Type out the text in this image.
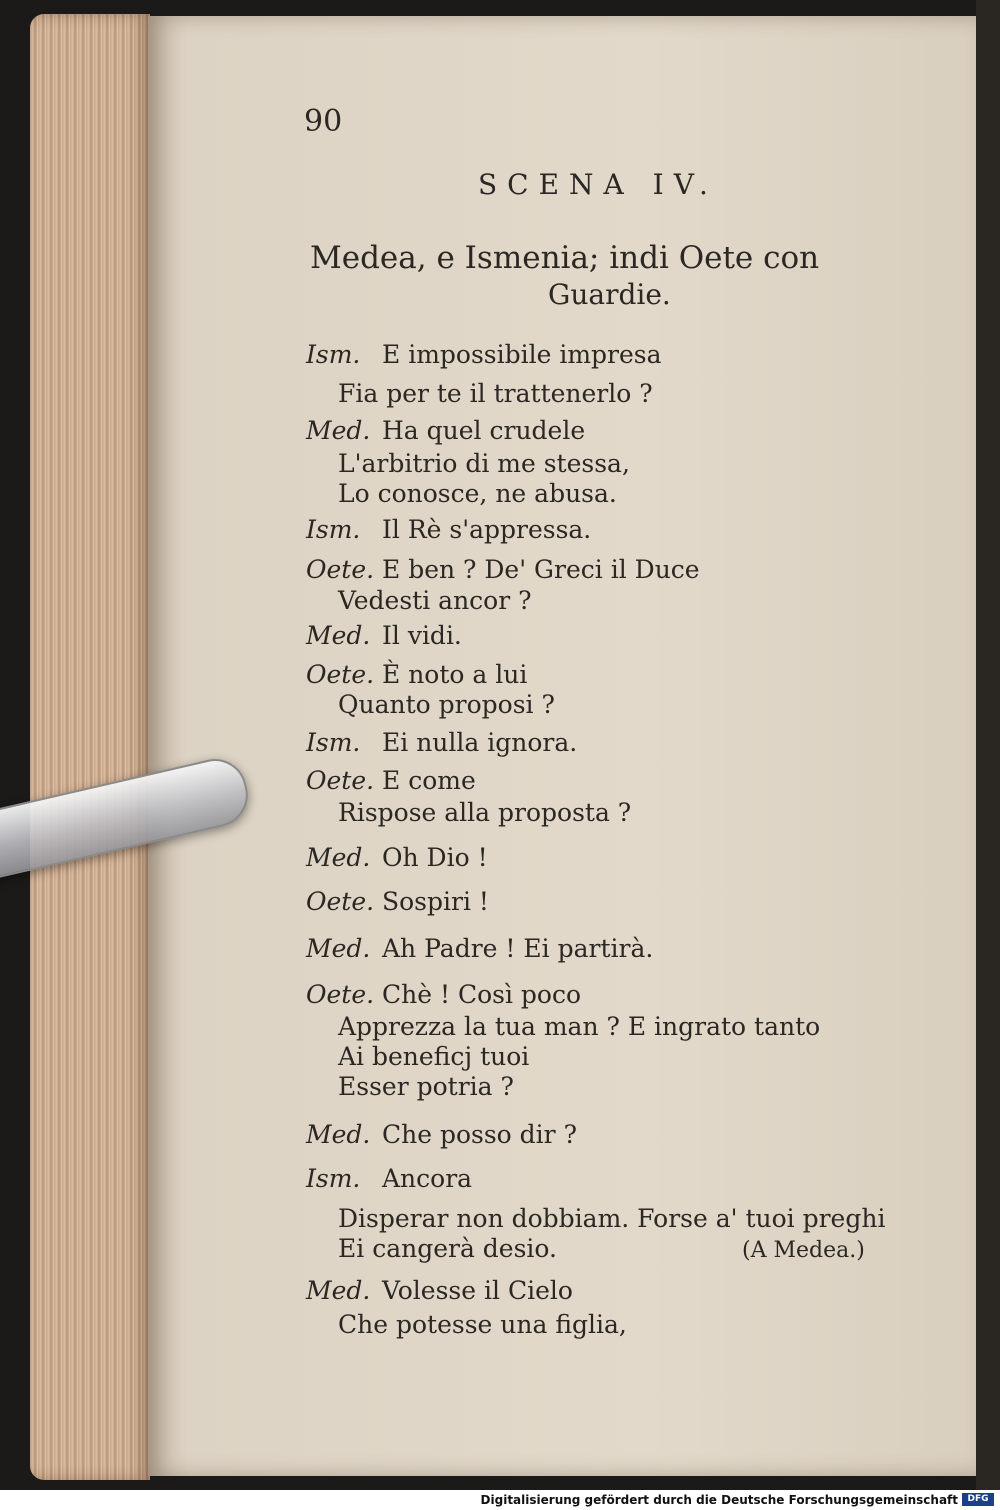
90
SCENA IV.
Medea, e Ismenia; indi Oete con
Guardie.
Ism. E impossibile impresa
Fia per te il trattenerlo ?
Med. Ha quel crudele
L'arbitrio di me stessa,
Lo conosce, ne abusa.
Ism. Il Rè s'appressa.
Oete. E ben ? De' Greci il Duce
Vedesti ancor ?
Med. Il vidi.
Oete. È noto a lui
Quanto proposi ?
Ism. Ei nulla ignora.
Oete. E come
Rispose alla proposta ?
Med. Oh Dio !
Oete. Sospiri !
Med. Ah Padre ! Ei partirà.
Oete. Chè ! Così poco
Apprezza la tua man ? E ingrato tanto
Ai beneficj tuoi
Esser potria ?
Med. Che posso dir ?
Ism. Ancora
Disperar non dobbiam. Forse a' tuoi preghi
Ei cangerà desio.	(A Medea.)
Med. Volesse il Cielo
Che potesse una figlia,
Digitalisierung gefördert durch die Deutsche Forschungsgemeinschaft	DFG
